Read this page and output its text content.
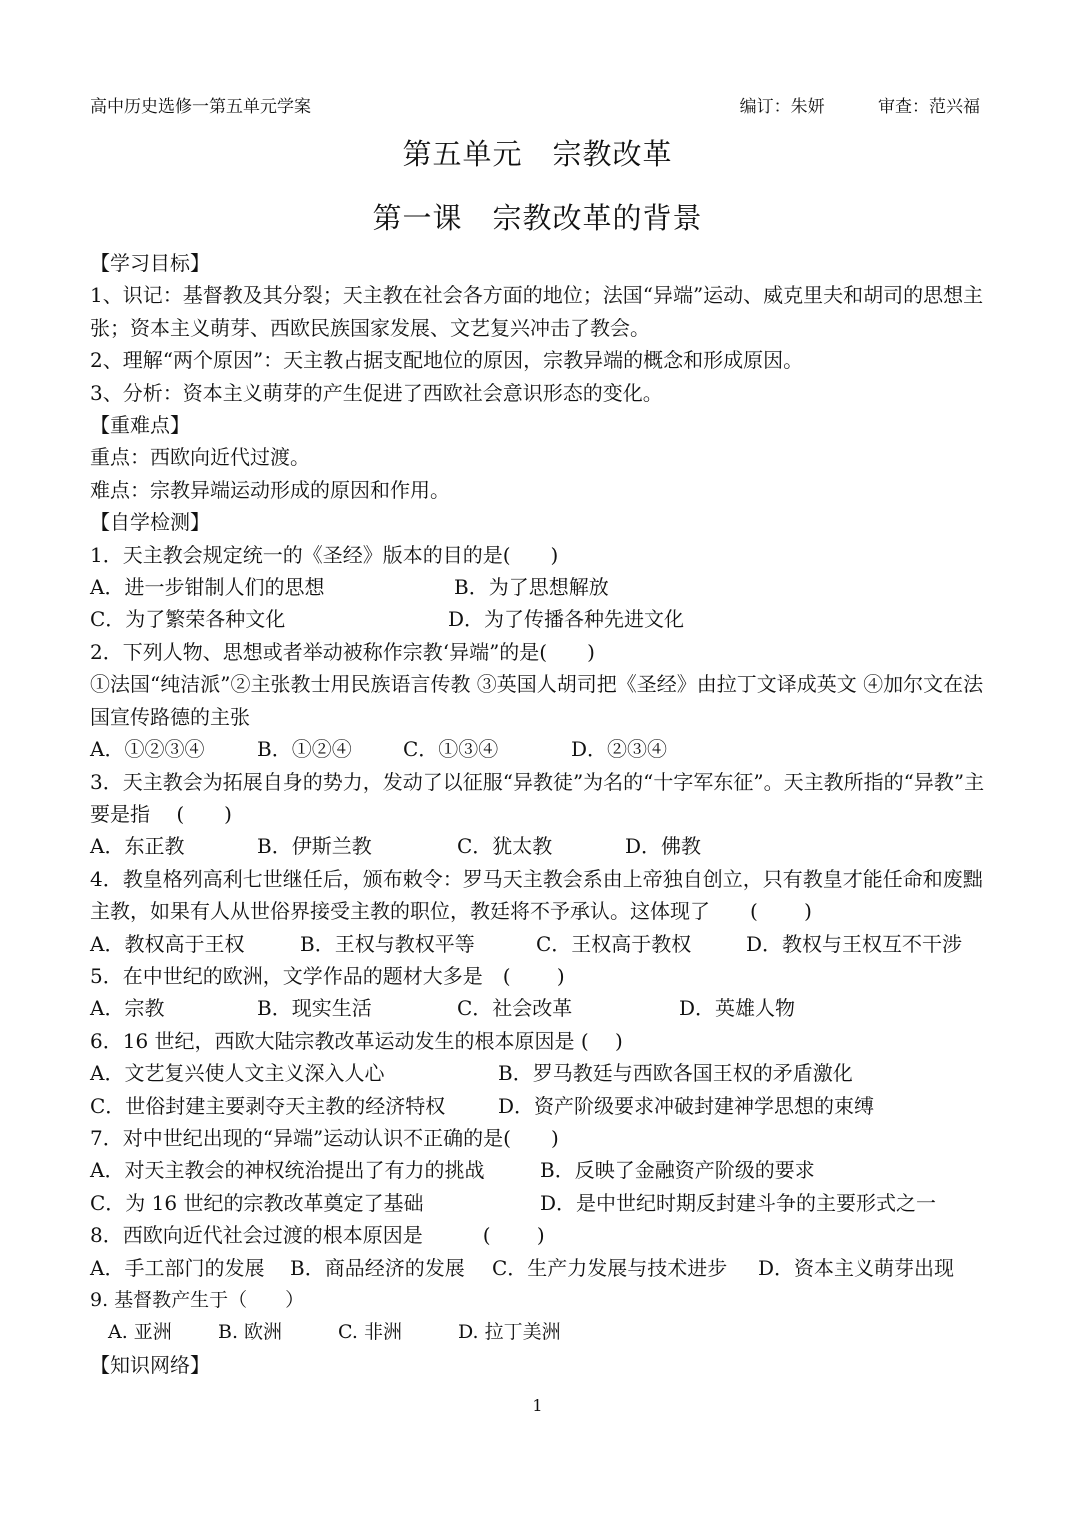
高中历史选修一第五单元学案	编订：朱妍	审查：范兴福
第五单元　宗教改革
第一课　宗教改革的背景

【学习目标】

1、识记：基督教及其分裂；天主教在社会各方面的地位；法国“异端”运动、威克里夫和胡司的思想主张；资本主义萌芽、西欧民族国家发展、文艺复兴冲击了教会。

2、理解“两个原因”：天主教占据支配地位的原因，宗教异端的概念和形成原因。

3、分析：资本主义萌芽的产生促进了西欧社会意识形态的变化。

【重难点】

重点：西欧向近代过渡。

难点：宗教异端运动形成的原因和作用。

【自学检测】

1．天主教会规定统一的《圣经》版本的目的是(　　)

A．进一步钳制人们的思想	B．为了思想解放

C．为了繁荣各种文化	D．为了传播各种先进文化

2．下列人物、思想或者举动被称作宗教‘异端”的是(　　)

①法国“纯洁派”②主张教士用民族语言传教 ③英国人胡司把《圣经》由拉丁文译成英文 ④加尔文在法国宣传路德的主张

A．①②③④	B．①②④	C．①③④	D．②③④

3．天主教会为拓展自身的势力，发动了以征服“异教徒”为名的“十字军东征”。天主教所指的“异教”主要是指　 (　　)

A．东正教	B．伊斯兰教	C．犹太教	D．佛教

4．教皇格列高利七世继任后，颁布敕令：罗马天主教会系由上帝独自创立，只有教皇才能任命和废黜主教，如果有人从世俗界接受主教的职位，教廷将不予承认。这体现了　　(　　 )

A．教权高于王权	B．王权与教权平等	C．王权高于教权	D．教权与王权互不干涉

5．在中世纪的欧洲，文学作品的题材大多是　(　　 )

A．宗教	B．现实生活	C．社会改革	D．英雄人物

6．16 世纪，西欧大陆宗教改革运动发生的根本原因是 (　 )

A．文艺复兴使人文主义深入人心	B．罗马教廷与西欧各国王权的矛盾激化

C．世俗封建主要剥夺天主教的经济特权	D．资产阶级要求冲破封建神学思想的束缚

7．对中世纪出现的“异端”运动认识不正确的是(　　)

A．对天主教会的神权统治提出了有力的挑战	B．反映了金融资产阶级的要求

C．为 16 世纪的宗教改革奠定了基础	D．是中世纪时期反封建斗争的主要形式之一

8．西欧向近代社会过渡的根本原因是　　　(　　 )

A．手工部门的发展 B．商品经济的发展 C．生产力发展与技术进步 D．资本主义萌芽出现

9. 基督教产生于（　　）

A. 亚洲 B. 欧洲	C. 非洲	D. 拉丁美洲

【知识网络】

1
